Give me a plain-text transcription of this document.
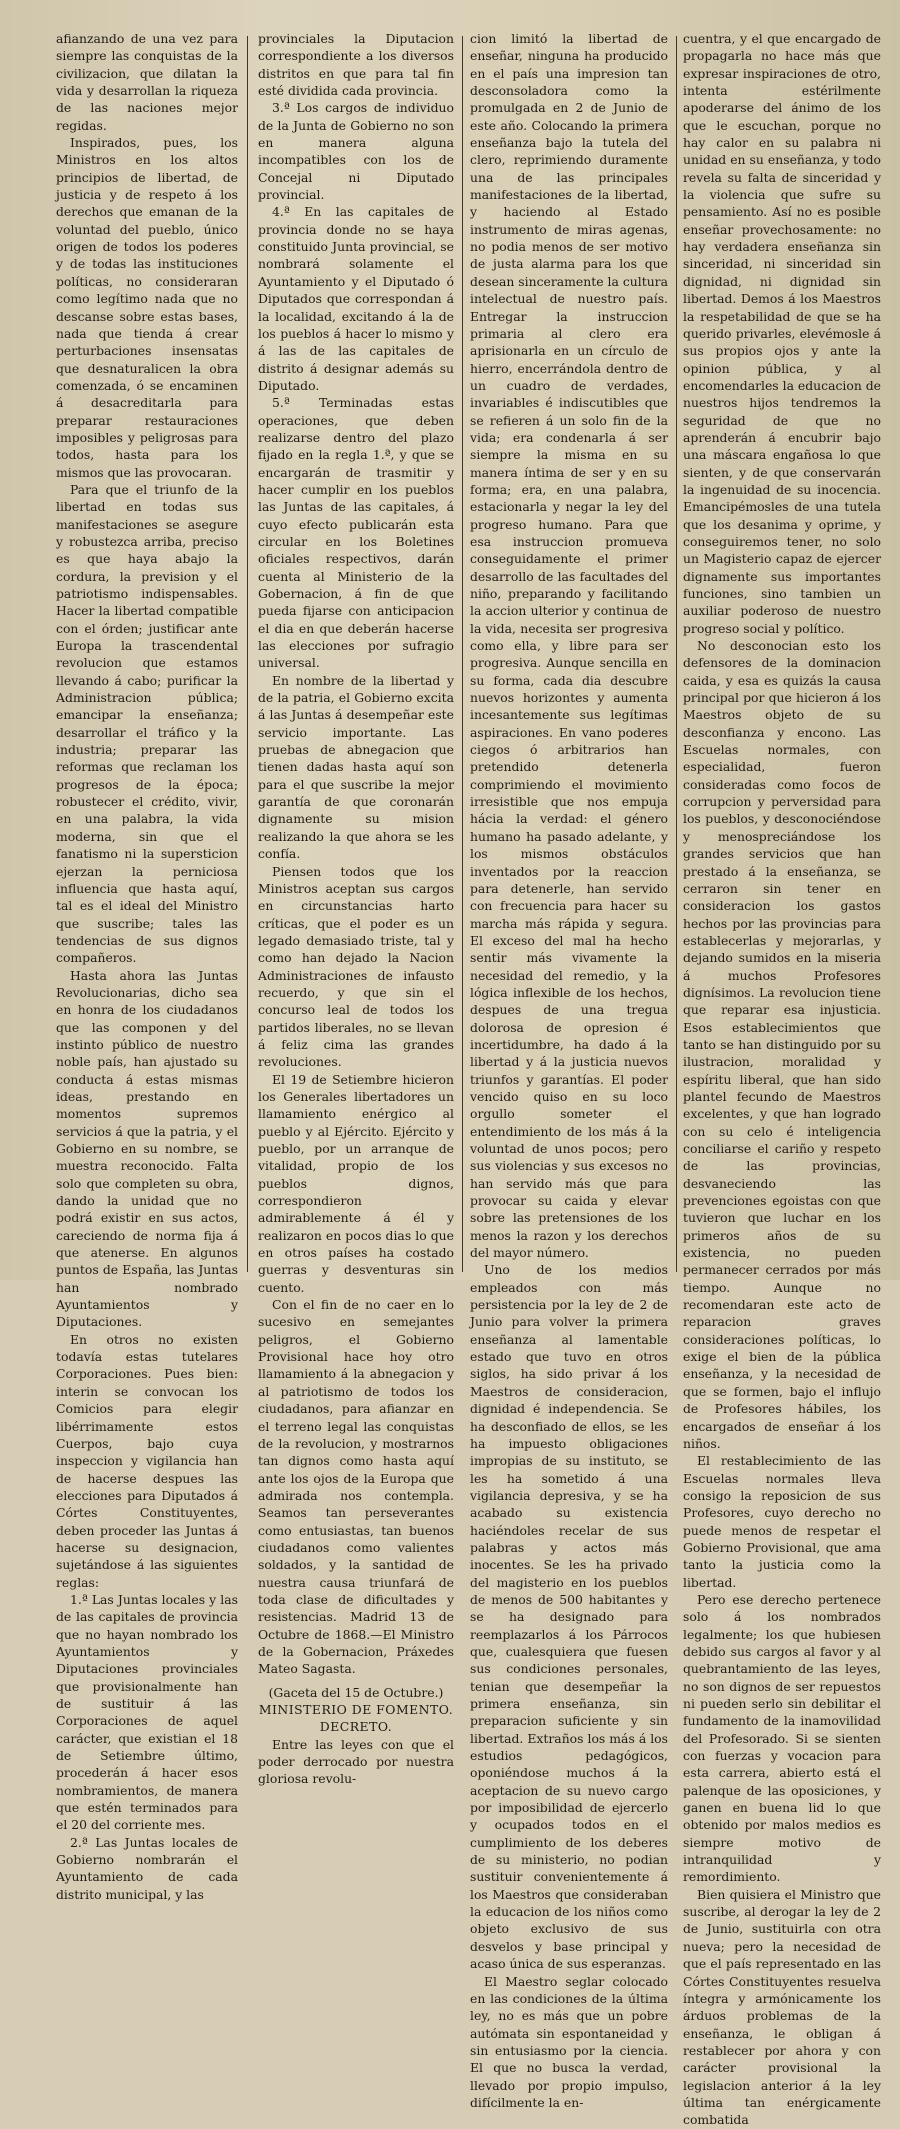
afianzando de una vez para siempre las conquistas de la civilizacion, que dilatan la vida y desarrollan la riqueza de las naciones mejor regidas.

Inspirados, pues, los Ministros en los altos principios de libertad, de justicia y de respeto á los derechos que emanan de la voluntad del pueblo, único origen de todos los poderes y de todas las instituciones políticas, no consideraran como legítimo nada que no descanse sobre estas bases, nada que tienda á crear perturbaciones insensatas que desnaturalicen la obra comenzada, ó se encaminen á desacreditarla para preparar restauraciones imposibles y peligrosas para todos, hasta para los mismos que las provocaran.

Para que el triunfo de la libertad en todas sus manifestaciones se asegure y robustezca arriba, preciso es que haya abajo la cordura, la prevision y el patriotismo indispensables. Hacer la libertad compatible con el órden; justificar ante Europa la trascendental revolucion que estamos llevando á cabo; purificar la Administracion pública; emancipar la enseñanza; desarrollar el tráfico y la industria; preparar las reformas que reclaman los progresos de la época; robustecer el crédito, vivir, en una palabra, la vida moderna, sin que el fanatismo ni la supersticion ejerzan la perniciosa influencia que hasta aquí, tal es el ideal del Ministro que suscribe; tales las tendencias de sus dignos compañeros.

Hasta ahora las Juntas Revolucionarias, dicho sea en honra de los ciudadanos que las componen y del instinto público de nuestro noble país, han ajustado su conducta á estas mismas ideas, prestando en momentos supremos servicios á que la patria, y el Gobierno en su nombre, se muestra reconocido. Falta solo que completen su obra, dando la unidad que no podrá existir en sus actos, careciendo de norma fija á que atenerse. En algunos puntos de España, las Juntas han nombrado Ayuntamientos y Diputaciones.

En otros no existen todavía estas tutelares Corporaciones. Pues bien: interin se convocan los Comicios para elegir libérrimamente estos Cuerpos, bajo cuya inspeccion y vigilancia han de hacerse despues las elecciones para Diputados á Córtes Constituyentes, deben proceder las Juntas á hacerse su designacion, sujetándose á las siguientes reglas:

1.ª Las Juntas locales y las de las capitales de provincia que no hayan nombrado los Ayuntamientos y Diputaciones provinciales que provisionalmente han de sustituir á las Corporaciones de aquel carácter, que existian el 18 de Setiembre último, procederán á hacer esos nombramientos, de manera que estén terminados para el 20 del corriente mes.

2.ª Las Juntas locales de Gobierno nombrarán el Ayuntamiento de cada distrito municipal, y las

provinciales la Diputacion correspondiente a los diversos distritos en que para tal fin esté dividida cada provincia.

3.ª Los cargos de individuo de la Junta de Gobierno no son en manera alguna incompatibles con los de Concejal ni Diputado provincial.

4.ª En las capitales de provincia donde no se haya constituido Junta provincial, se nombrará solamente el Ayuntamiento y el Diputado ó Diputados que correspondan á la localidad, excitando á la de los pueblos á hacer lo mismo y á las de las capitales de distrito á designar además su Diputado.

5.ª Terminadas estas operaciones, que deben realizarse dentro del plazo fijado en la regla 1.ª, y que se encargarán de trasmitir y hacer cumplir en los pueblos las Juntas de las capitales, á cuyo efecto publicarán esta circular en los Boletines oficiales respectivos, darán cuenta al Ministerio de la Gobernacion, á fin de que pueda fijarse con anticipacion el dia en que deberán hacerse las elecciones por sufragio universal.

En nombre de la libertad y de la patria, el Gobierno excita á las Juntas á desempeñar este servicio importante. Las pruebas de abnegacion que tienen dadas hasta aquí son para el que suscribe la mejor garantía de que coronarán dignamente su mision realizando la que ahora se les confía.

Piensen todos que los Ministros aceptan sus cargos en circunstancias harto críticas, que el poder es un legado demasiado triste, tal y como han dejado la Nacion Administraciones de infausto recuerdo, y que sin el concurso leal de todos los partidos liberales, no se llevan á feliz cima las grandes revoluciones.

El 19 de Setiembre hicieron los Generales libertadores un llamamiento enérgico al pueblo y al Ejército. Ejército y pueblo, por un arranque de vitalidad, propio de los pueblos dignos, correspondieron admirablemente á él y realizaron en pocos dias lo que en otros países ha costado guerras y desventuras sin cuento.

Con el fin de no caer en lo sucesivo en semejantes peligros, el Gobierno Provisional hace hoy otro llamamiento á la abnegacion y al patriotismo de todos los ciudadanos, para afianzar en el terreno legal las conquistas de la revolucion, y mostrarnos tan dignos como hasta aquí ante los ojos de la Europa que admirada nos contempla. Seamos tan perseverantes como entusiastas, tan buenos ciudadanos como valientes soldados, y la santidad de nuestra causa triunfará de toda clase de dificultades y resistencias. Madrid 13 de Octubre de 1868.—El Ministro de la Gobernacion, Práxedes Mateo Sagasta.

(Gaceta del 15 de Octubre.)

MINISTERIO DE FOMENTO.

DECRETO.

Entre las leyes con que el poder derrocado por nuestra gloriosa revolu-

cion limitó la libertad de enseñar, ninguna ha producido en el país una impresion tan desconsoladora como la promulgada en 2 de Junio de este año. Colocando la primera enseñanza bajo la tutela del clero, reprimiendo duramente una de las principales manifestaciones de la libertad, y haciendo al Estado instrumento de miras agenas, no podia menos de ser motivo de justa alarma para los que desean sinceramente la cultura intelectual de nuestro país. Entregar la instruccion primaria al clero era aprisionarla en un círculo de hierro, encerrándola dentro de un cuadro de verdades, invariables é indiscutibles que se refieren á un solo fin de la vida; era condenarla á ser siempre la misma en su manera íntima de ser y en su forma; era, en una palabra, estacionarla y negar la ley del progreso humano. Para que esa instruccion promueva conseguidamente el primer desarrollo de las facultades del niño, preparando y facilitando la accion ulterior y continua de la vida, necesita ser progresiva como ella, y libre para ser progresiva. Aunque sencilla en su forma, cada dia descubre nuevos horizontes y aumenta incesantemente sus legítimas aspiraciones. En vano poderes ciegos ó arbitrarios han pretendido detenerla comprimiendo el movimiento irresistible que nos empuja hácia la verdad: el género humano ha pasado adelante, y los mismos obstáculos inventados por la reaccion para detenerle, han servido con frecuencia para hacer su marcha más rápida y segura. El exceso del mal ha hecho sentir más vivamente la necesidad del remedio, y la lógica inflexible de los hechos, despues de una tregua dolorosa de opresion é incertidumbre, ha dado á la libertad y á la justicia nuevos triunfos y garantías. El poder vencido quiso en su loco orgullo someter el entendimiento de los más á la voluntad de unos pocos; pero sus violencias y sus excesos no han servido más que para provocar su caida y elevar sobre las pretensiones de los menos la razon y los derechos del mayor número.

Uno de los medios empleados con más persistencia por la ley de 2 de Junio para volver la primera enseñanza al lamentable estado que tuvo en otros siglos, ha sido privar á los Maestros de consideracion, dignidad é independencia. Se ha desconfiado de ellos, se les ha impuesto obligaciones impropias de su instituto, se les ha sometido á una vigilancia depresiva, y se ha acabado su existencia haciéndoles recelar de sus palabras y actos más inocentes. Se les ha privado del magisterio en los pueblos de menos de 500 habitantes y se ha designado para reemplazarlos á los Párrocos que, cualesquiera que fuesen sus condiciones personales, tenian que desempeñar la primera enseñanza, sin preparacion suficiente y sin libertad. Extraños los más á los estudios pedagógicos, oponiéndose muchos á la aceptacion de su nuevo cargo por imposibilidad de ejercerlo y ocupados todos en el cumplimiento de los deberes de su ministerio, no podian sustituir convenientemente á los Maestros que consideraban la educacion de los niños como objeto exclusivo de sus desvelos y base principal y acaso única de sus esperanzas.

El Maestro seglar colocado en las condiciones de la última ley, no es más que un pobre autómata sin espontaneidad y sin entusiasmo por la ciencia. El que no busca la verdad, llevado por propio impulso, difícilmente la en-

cuentra, y el que encargado de propagarla no hace más que expresar inspiraciones de otro, intenta estérilmente apoderarse del ánimo de los que le escuchan, porque no hay calor en su palabra ni unidad en su enseñanza, y todo revela su falta de sinceridad y la violencia que sufre su pensamiento. Así no es posible enseñar provechosamente: no hay verdadera enseñanza sin sinceridad, ni sinceridad sin dignidad, ni dignidad sin libertad. Demos á los Maestros la respetabilidad de que se ha querido privarles, elevémosle á sus propios ojos y ante la opinion pública, y al encomendarles la educacion de nuestros hijos tendremos la seguridad de que no aprenderán á encubrir bajo una máscara engañosa lo que sienten, y de que conservarán la ingenuidad de su inocencia. Emancipémosles de una tutela que los desanima y oprime, y conseguiremos tener, no solo un Magisterio capaz de ejercer dignamente sus importantes funciones, sino tambien un auxiliar poderoso de nuestro progreso social y político.

No desconocian esto los defensores de la dominacion caida, y esa es quizás la causa principal por que hicieron á los Maestros objeto de su desconfianza y encono. Las Escuelas normales, con especialidad, fueron consideradas como focos de corrupcion y perversidad para los pueblos, y desconociéndose y menospreciándose los grandes servicios que han prestado á la enseñanza, se cerraron sin tener en consideracion los gastos hechos por las provincias para establecerlas y mejorarlas, y dejando sumidos en la miseria á muchos Profesores dignísimos. La revolucion tiene que reparar esa injusticia. Esos establecimientos que tanto se han distinguido por su ilustracion, moralidad y espíritu liberal, que han sido plantel fecundo de Maestros excelentes, y que han logrado con su celo é inteligencia conciliarse el cariño y respeto de las provincias, desvaneciendo las prevenciones egoistas con que tuvieron que luchar en los primeros años de su existencia, no pueden permanecer cerrados por más tiempo. Aunque no recomendaran este acto de reparacion graves consideraciones políticas, lo exige el bien de la pública enseñanza, y la necesidad de que se formen, bajo el influjo de Profesores hábiles, los encargados de enseñar á los niños.

El restablecimiento de las Escuelas normales lleva consigo la reposicion de sus Profesores, cuyo derecho no puede menos de respetar el Gobierno Provisional, que ama tanto la justicia como la libertad.

Pero ese derecho pertenece solo á los nombrados legalmente; los que hubiesen debido sus cargos al favor y al quebrantamiento de las leyes, no son dignos de ser repuestos ni pueden serlo sin debilitar el fundamento de la inamovilidad del Profesorado. Si se sienten con fuerzas y vocacion para esta carrera, abierto está el palenque de las oposiciones, y ganen en buena lid lo que obtenido por malos medios es siempre motivo de intranquilidad y remordimiento.

Bien quisiera el Ministro que suscribe, al derogar la ley de 2 de Junio, sustituirla con otra nueva; pero la necesidad de que el país representado en las Córtes Constituyentes resuelva íntegra y armónicamente los árduos problemas de la enseñanza, le obligan á restablecer por ahora y con carácter provisional la legislacion anterior á la ley última tan enérgicamente combatida
